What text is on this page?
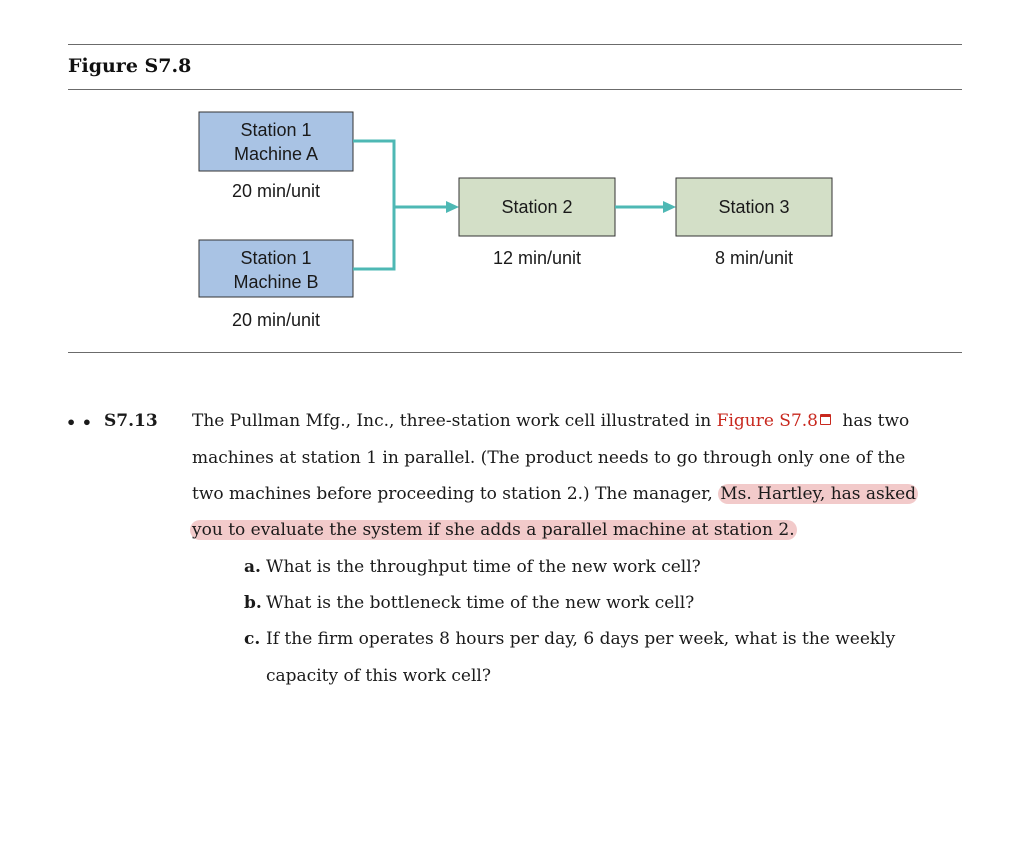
Figure S7.8
Station 1
Machine A
20 min/unit
Station 1
Machine B
20 min/unit
Station 2
12 min/unit
Station 3
8 min/unit
• • S7.13 The Pullman Mfg., Inc., three-station work cell illustrated in Figure S7.8 has two
machines at station 1 in parallel. (The product needs to go through only one of the
two machines before proceeding to station 2.) The manager, Ms. Hartley, has asked
you to evaluate the system if she adds a parallel machine at station 2.
a. What is the throughput time of the new work cell?
b. What is the bottleneck time of the new work cell?
c. If the firm operates 8 hours per day, 6 days per week, what is the weekly
capacity of this work cell?
